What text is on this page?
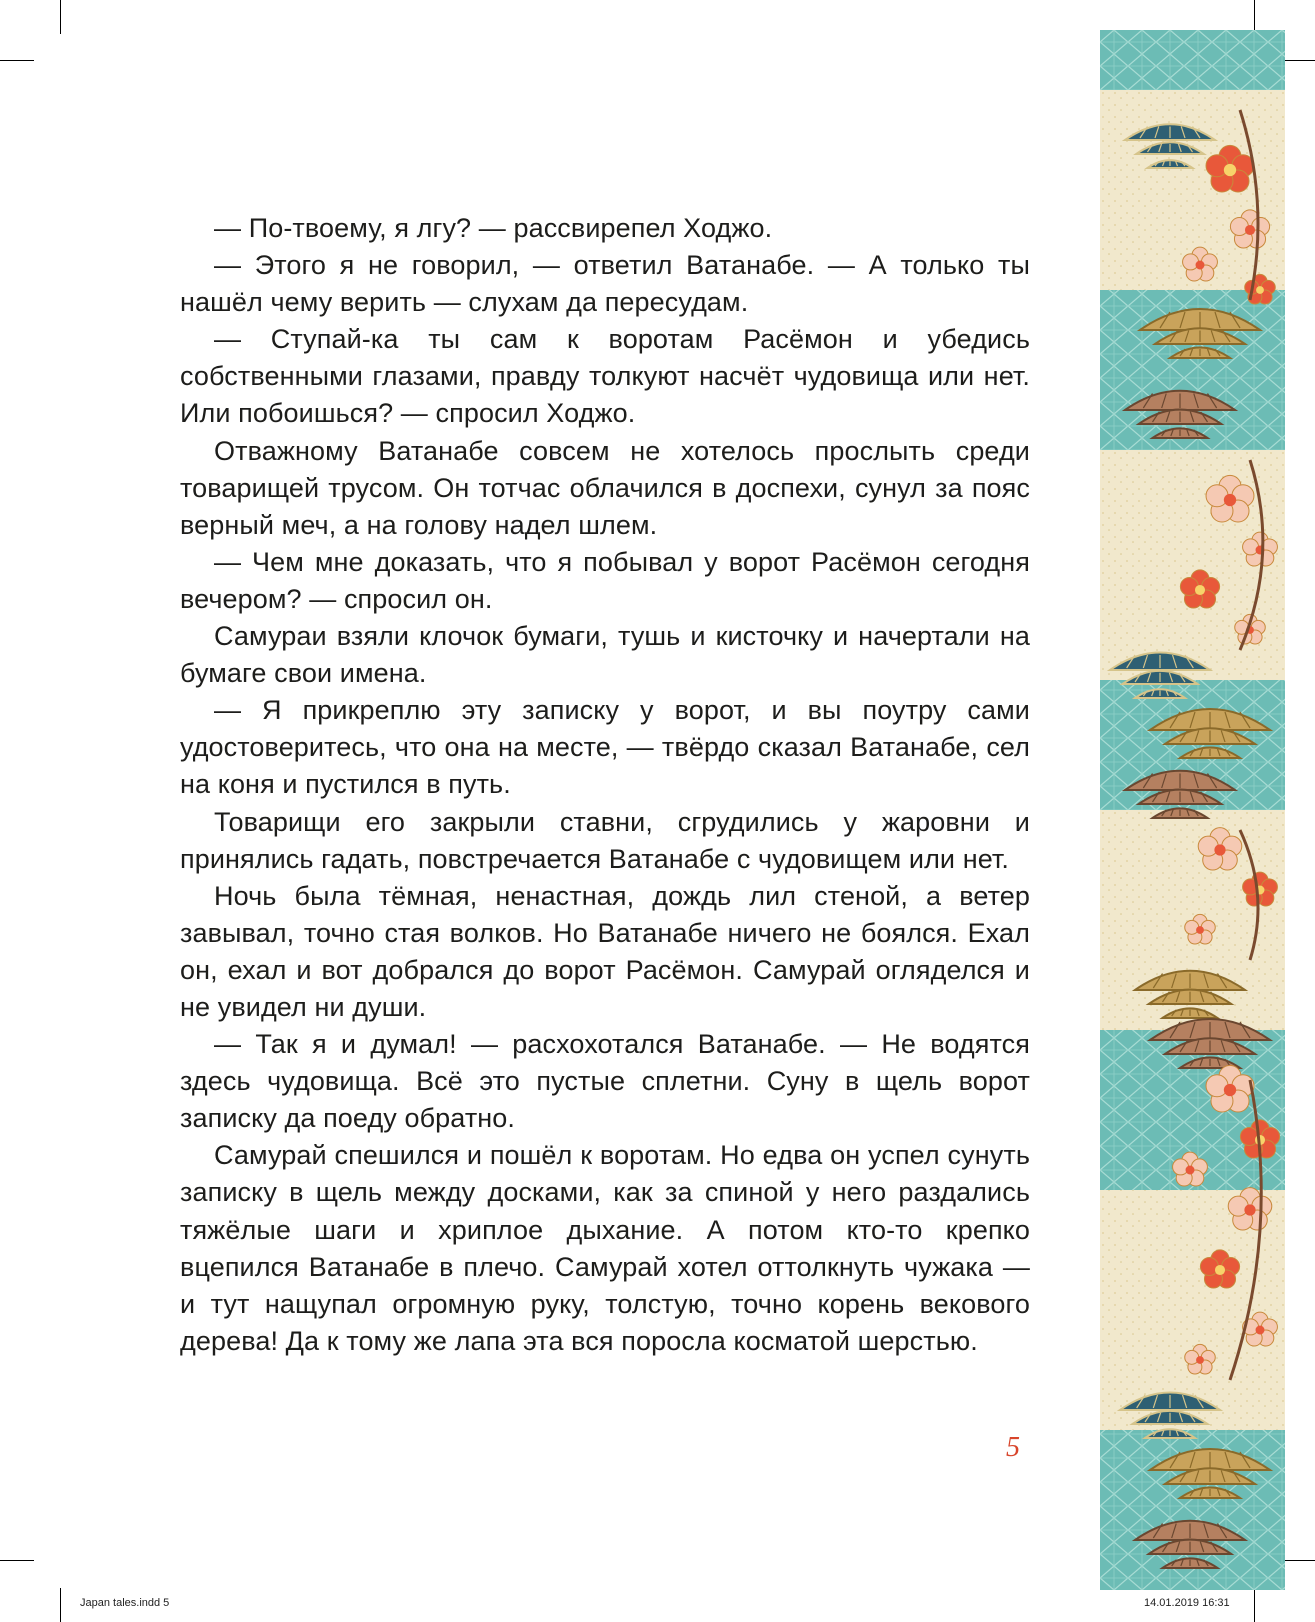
— По-твоему, я лгу? — рассвирепел Ходжо.

— Этого я не говорил, — ответил Ватанабе. — А только ты нашёл чему верить — слухам да пересудам.

— Ступай-ка ты сам к воротам Расёмон и убедись собственными глазами, правду толкуют насчёт чудовища или нет. Или побоишься? — спросил Ходжо.

Отважному Ватанабе совсем не хотелось прослыть среди товарищей трусом. Он тотчас облачился в доспехи, сунул за пояс верный меч, а на голову надел шлем.

— Чем мне доказать, что я побывал у ворот Расёмон сегодня вечером? — спросил он.

Самураи взяли клочок бумаги, тушь и кисточку и начертали на бумаге свои имена.

— Я прикреплю эту записку у ворот, и вы поутру сами удостоверитесь, что она на месте, — твёрдо сказал Ватанабе, сел на коня и пустился в путь.

Товарищи его закрыли ставни, сгрудились у жаровни и принялись гадать, повстречается Ватанабе с чудовищем или нет.

Ночь была тёмная, ненастная, дождь лил стеной, а ветер завывал, точно стая волков. Но Ватанабе ничего не боялся. Ехал он, ехал и вот добрался до ворот Расёмон. Самурай огляделся и не увидел ни души.

— Так я и думал! — расхохотался Ватанабе. — Не водятся здесь чудовища. Всё это пустые сплетни. Суну в щель ворот записку да поеду обратно.

Самурай спешился и пошёл к воротам. Но едва он успел сунуть записку в щель между досками, как за спиной у него раздались тяжёлые шаги и хриплое дыхание. А потом кто-то крепко вцепился Ватанабе в плечо. Самурай хотел оттолкнуть чужака — и тут нащупал огромную руку, толстую, точно корень векового дерева! Да к тому же лапа эта вся поросла косматой шерстью.

5
Japan tales.indd 5	14.01.2019 16:31
